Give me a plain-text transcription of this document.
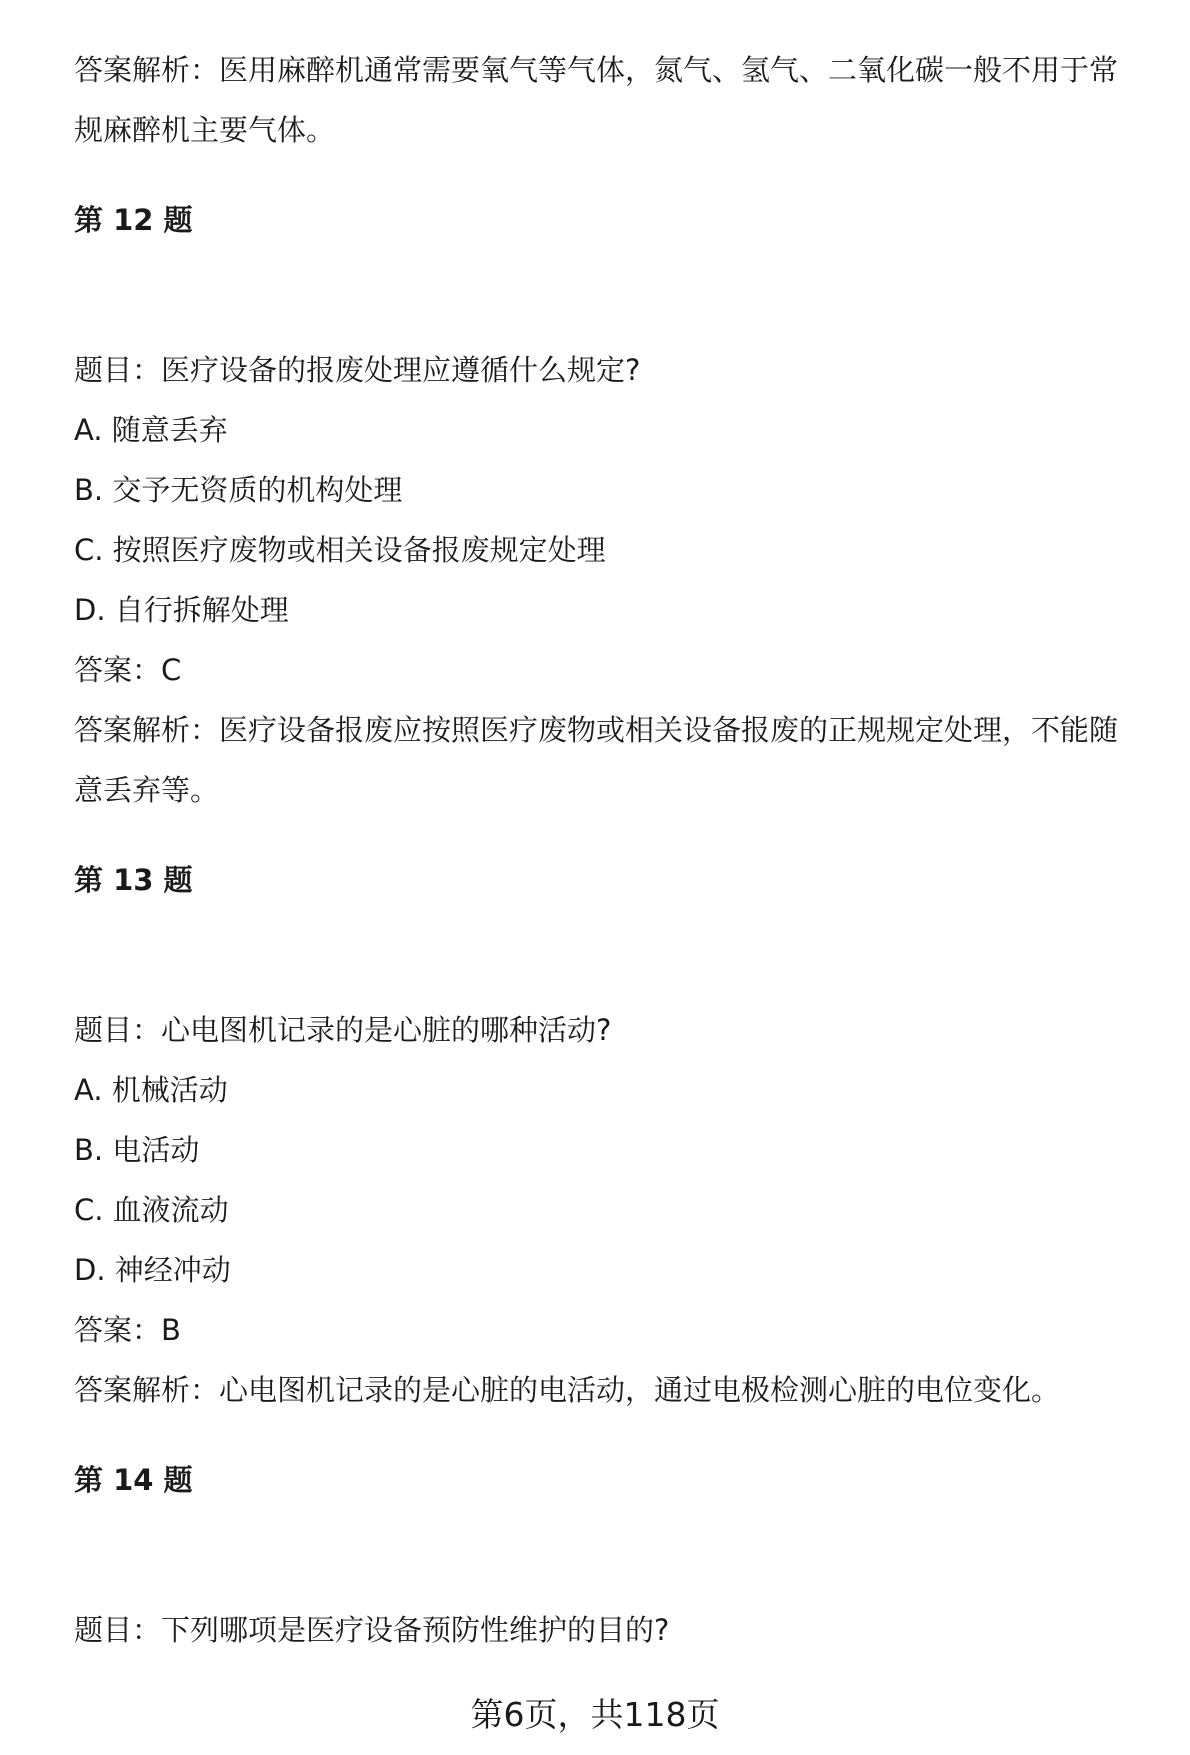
答案解析：医用麻醉机通常需要氧气等气体，氮气、氢气、二氧化碳一般不用于常
规麻醉机主要气体。
第 12 题
题目：医疗设备的报废处理应遵循什么规定?
A. 随意丢弃
B. 交予无资质的机构处理
C. 按照医疗废物或相关设备报废规定处理
D. 自行拆解处理
答案：C
答案解析：医疗设备报废应按照医疗废物或相关设备报废的正规规定处理，不能随
意丢弃等。
第 13 题
题目：心电图机记录的是心脏的哪种活动?
A. 机械活动
B. 电活动
C. 血液流动
D. 神经冲动
答案：B
答案解析：心电图机记录的是心脏的电活动，通过电极检测心脏的电位变化。
第 14 题
题目：下列哪项是医疗设备预防性维护的目的?
第6页，共118页
